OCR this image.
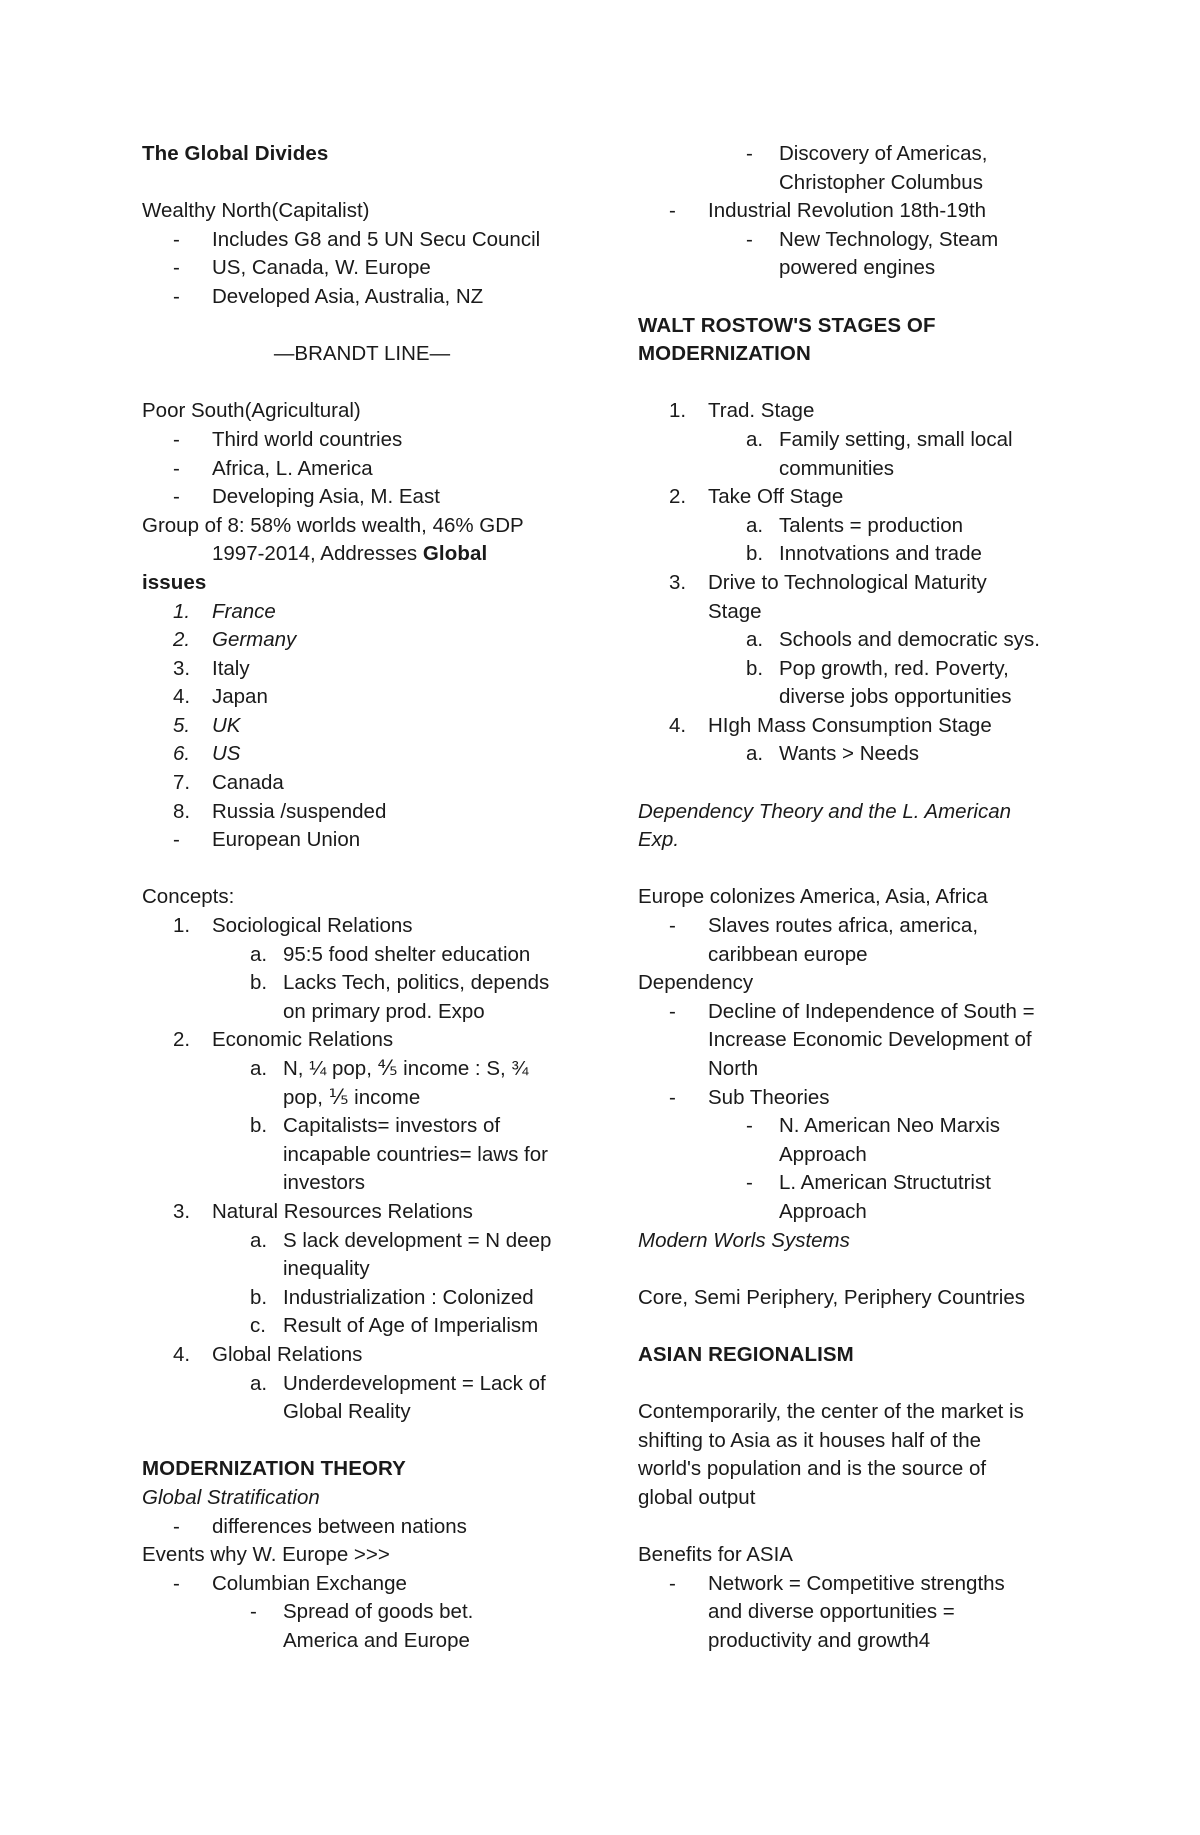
The Global Divides
Wealthy North(Capitalist)
- Includes G8 and 5 UN Secu Council
- US, Canada, W. Europe
- Developed Asia, Australia, NZ
—BRANDT LINE—
Poor South(Agricultural)
- Third world countries
- Africa, L. America
- Developing Asia, M. East
Group of 8: 58% worlds wealth, 46% GDP
1997-2014, Addresses Global
issues
1. France
2. Germany
3. Italy
4. Japan
5. UK
6. US
7. Canada
8. Russia /suspended
- European Union
Concepts:
1. Sociological Relations
a. 95:5 food shelter education
b. Lacks Tech, politics, depends
on primary prod. Expo
2. Economic Relations
a. N, ¼ pop, ⅘ income : S, ¾
pop, ⅕ income
b. Capitalists= investors of
incapable countries= laws for
investors
3. Natural Resources Relations
a. S lack development = N deep
inequality
b. Industrialization : Colonized
c. Result of Age of Imperialism
4. Global Relations
a. Underdevelopment = Lack of
Global Reality
MODERNIZATION THEORY
Global Stratification
- differences between nations
Events why W. Europe >>>
- Columbian Exchange
- Spread of goods bet.
America and Europe
- Discovery of Americas,
Christopher Columbus
- Industrial Revolution 18th-19th
- New Technology, Steam
powered engines
WALT ROSTOW'S STAGES OF
MODERNIZATION
1. Trad. Stage
a. Family setting, small local
communities
2. Take Off Stage
a. Talents = production
b. Innotvations and trade
3. Drive to Technological Maturity
Stage
a. Schools and democratic sys.
b. Pop growth, red. Poverty,
diverse jobs opportunities
4. HIgh Mass Consumption Stage
a. Wants > Needs
Dependency Theory and the L. American
Exp.
Europe colonizes America, Asia, Africa
- Slaves routes africa, america,
caribbean europe
Dependency
- Decline of Independence of South =
Increase Economic Development of
North
- Sub Theories
- N. American Neo Marxis
Approach
- L. American Structutrist
Approach
Modern Worls Systems
Core, Semi Periphery, Periphery Countries
ASIAN REGIONALISM
Contemporarily, the center of the market is
shifting to Asia as it houses half of the
world's population and is the source of
global output
Benefits for ASIA
- Network = Competitive strengths
and diverse opportunities =
productivity and growth4
